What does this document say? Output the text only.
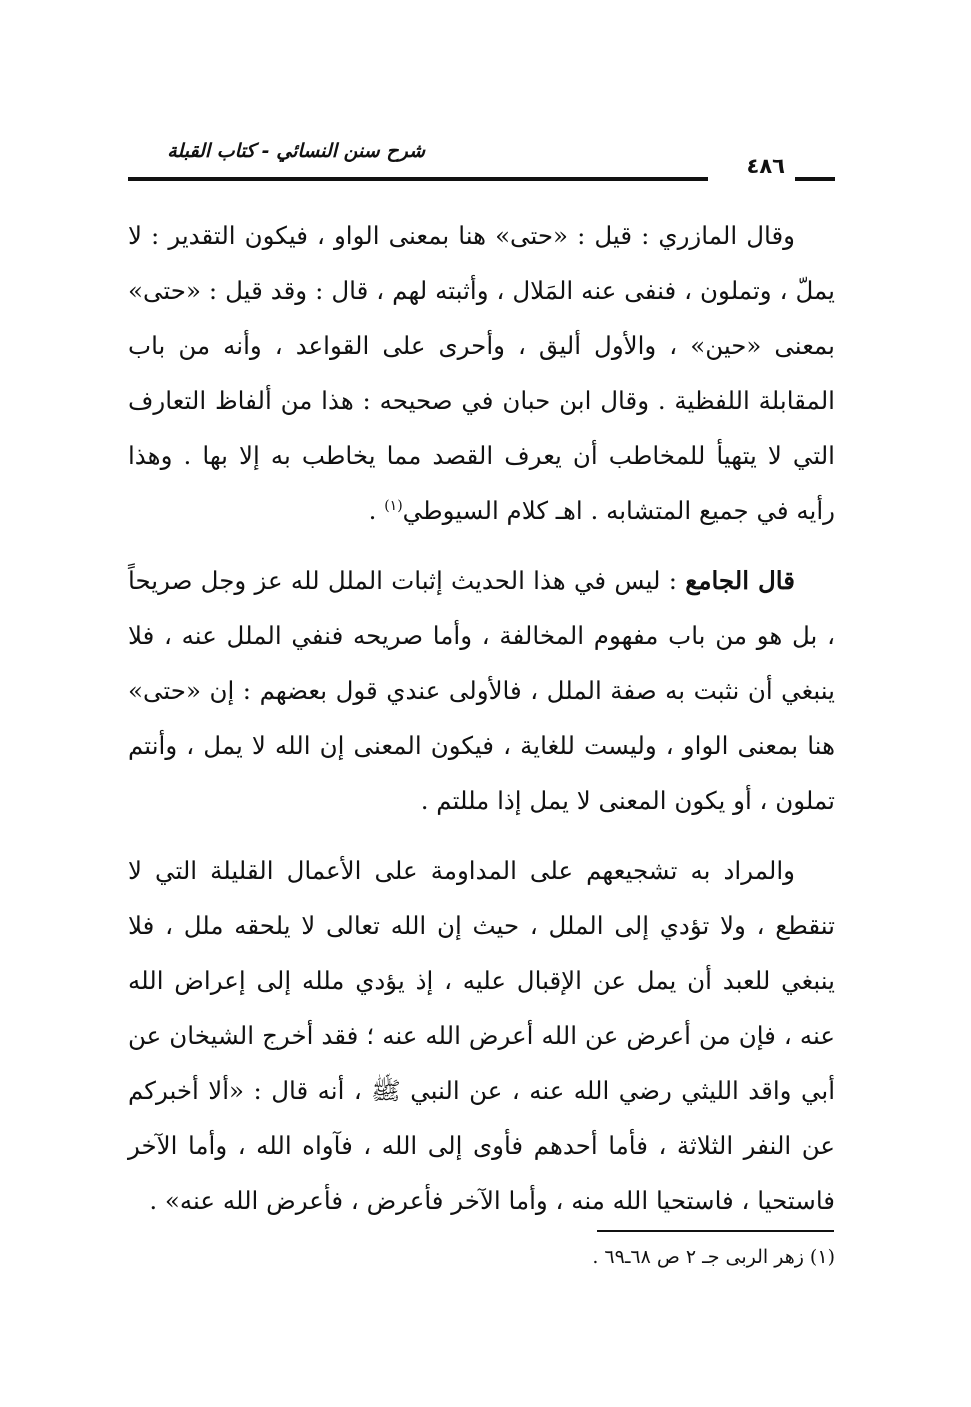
شرح سنن النسائي - كتاب القبلة
٤٨٦

وقال المازري : قيل : «حتى» هنا بمعنى الواو ، فيكون التقدير : لا يملّ ، وتملون ، فنفى عنه المَلال ، وأثبته لهم ، قال : وقد قيل : «حتى» بمعنى «حين» ، والأول أليق ، وأحرى على القواعد ، وأنه من باب المقابلة اللفظية . وقال ابن حبان في صحيحه : هذا من ألفاظ التعارف التي لا يتهيأ للمخاطب أن يعرف القصد مما يخاطب به إلا بها . وهذا رأيه في جميع المتشابه . اهـ كلام السيوطي$^{(١)}$ .

قال الجامع : ليس في هذا الحديث إثبات الملل لله عز وجل صريحاً ، بل هو من باب مفهوم المخالفة ، وأما صريحه فنفي الملل عنه ، فلا ينبغي أن نثبت به صفة الملل ، فالأولى عندي قول بعضهم : إن «حتى» هنا بمعنى الواو ، وليست للغاية ، فيكون المعنى إن الله لا يمل ، وأنتم تملون ، أو يكون المعنى لا يمل إذا مللتم .

والمراد به تشجيعهم على المداومة على الأعمال القليلة التي لا تنقطع ، ولا تؤدي إلى الملل ، حيث إن الله تعالى لا يلحقه ملل ، فلا ينبغي للعبد أن يمل عن الإقبال عليه ، إذ يؤدي ملله إلى إعراض الله عنه ، فإن من أعرض عن الله أعرض الله عنه ؛ فقد أخرج الشيخان عن أبي واقد الليثي رضي الله عنه ، عن النبي ﷺ ، أنه قال : «ألا أخبركم عن النفر الثلاثة ، فأما أحدهم فأوى إلى الله ، فآواه الله ، وأما الآخر فاستحيا ، فاستحيا الله منه ، وأما الآخر فأعرض ، فأعرض الله عنه» .

(١) زهر الربى جـ ٢ ص ٦٨ـ٦٩ .
